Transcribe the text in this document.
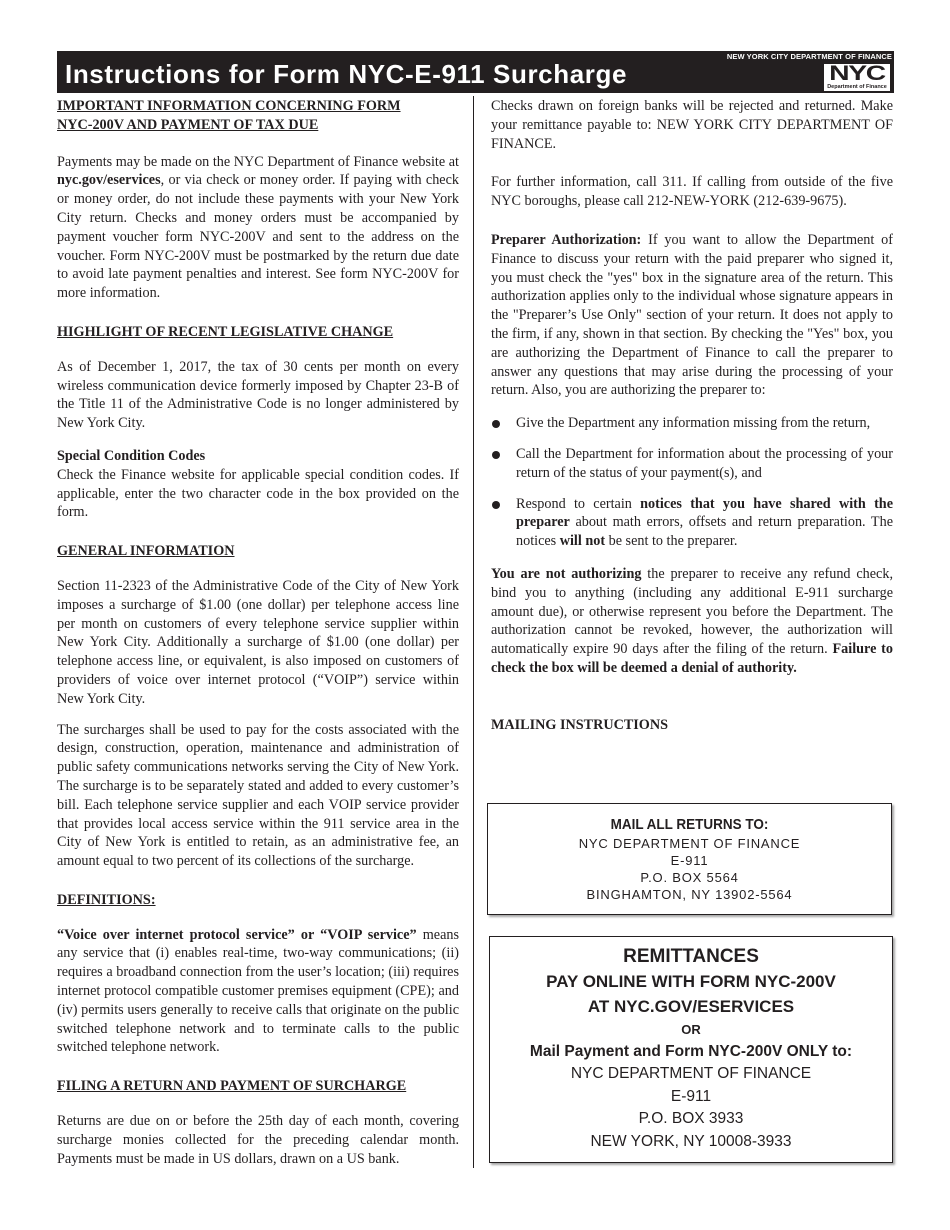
Instructions for Form NYC-E-911 Surcharge
NEW YORK CITY DEPARTMENT OF FINANCE
NYC
Department of Finance
IMPORTANT INFORMATION CONCERNING FORM
NYC-200V AND PAYMENT OF TAX DUE

Payments may be made on the NYC Department of Finance website at nyc.gov/eservices, or via check or money order. If paying with check or money order, do not include these payments with your New York City return. Checks and money orders must be accompanied by payment voucher form NYC-200V and sent to the address on the voucher. Form NYC-200V must be postmarked by the return due date to avoid late payment penalties and interest. See form NYC-200V for more information.

HIGHLIGHT OF RECENT LEGISLATIVE CHANGE

As of December 1, 2017, the tax of 30 cents per month on every wireless communication device formerly imposed by Chapter 23-B of the Title 11 of the Administrative Code is no longer administered by New York City.

Special Condition Codes

Check the Finance website for applicable special condition codes. If applicable, enter the two character code in the box provided on the form.

GENERAL INFORMATION

Section 11-2323 of the Administrative Code of the City of New York imposes a surcharge of $1.00 (one dollar) per telephone access line per month on customers of every telephone service supplier within New York City. Additionally a surcharge of $1.00 (one dollar) per telephone access line, or equivalent, is also imposed on customers of providers of voice over internet protocol (“VOIP”) service within New York City.

The surcharges shall be used to pay for the costs associated with the design, construction, operation, maintenance and administration of public safety communications networks serving the City of New York. The surcharge is to be separately stated and added to every customer’s bill. Each telephone service supplier and each VOIP service provider that provides local access service within the 911 service area in the City of New York is entitled to retain, as an administrative fee, an amount equal to two percent of its collections of the surcharge.

DEFINITIONS:

“Voice over internet protocol service” or “VOIP service” means any service that (i) enables real-time, two-way communications; (ii) requires a broadband connection from the user’s location; (iii) requires internet protocol compatible customer premises equipment (CPE); and (iv) permits users generally to receive calls that originate on the public switched telephone network and to terminate calls to the public switched telephone network.

FILING A RETURN AND PAYMENT OF SURCHARGE

Returns are due on or before the 25th day of each month, covering surcharge monies collected for the preceding calendar month. Payments must be made in US dollars, drawn on a US bank.

Checks drawn on foreign banks will be rejected and returned. Make your remittance payable to: NEW YORK CITY DEPARTMENT OF FINANCE.

For further information, call 311. If calling from outside of the five NYC boroughs, please call 212-NEW-YORK (212-639-9675).

Preparer Authorization: If you want to allow the Department of Finance to discuss your return with the paid preparer who signed it, you must check the "yes" box in the signature area of the return. This authorization applies only to the individual whose signature appears in the "Preparer’s Use Only" section of your return. It does not apply to the firm, if any, shown in that section. By checking the "Yes" box, you are authorizing the Department of Finance to call the preparer to answer any questions that may arise during the processing of your return. Also, you are authorizing the preparer to:

Give the Department any information missing from the return,
Call the Department for information about the processing of your return of the status of your payment(s), and
Respond to certain notices that you have shared with the preparer about math errors, offsets and return preparation. The notices will not be sent to the preparer.

You are not authorizing the preparer to receive any refund check, bind you to anything (including any additional E-911 surcharge amount due), or otherwise represent you before the Department. The authorization cannot be revoked, however, the authorization will automatically expire 90 days after the filing of the return. Failure to check the box will be deemed a denial of authority.

MAILING INSTRUCTIONS
MAIL ALL RETURNS TO:
NYC DEPARTMENT OF FINANCE
E-911
P.O. BOX 5564
BINGHAMTON, NY 13902-5564
REMITTANCES
PAY ONLINE WITH FORM NYC-200V
AT NYC.GOV/ESERVICES
OR
Mail Payment and Form NYC-200V ONLY to:
NYC DEPARTMENT OF FINANCE
E-911
P.O. BOX 3933
NEW YORK, NY 10008-3933
